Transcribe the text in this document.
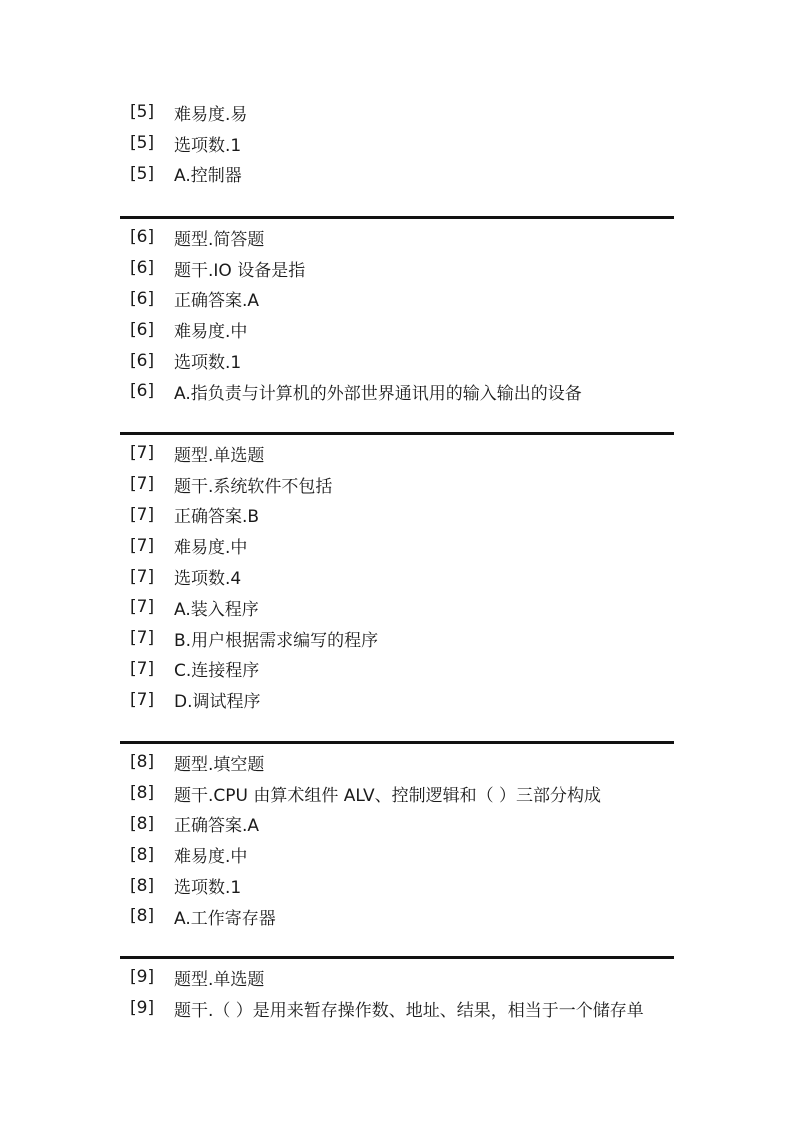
[5]	难易度.易
[5]	选项数.1
[5]	A.控制器
[6]	题型.简答题
[6]	题干.IO 设备是指
[6]	正确答案.A
[6]	难易度.中
[6]	选项数.1
[6]	A.指负责与计算机的外部世界通讯用的输入输出的设备
[7]	题型.单选题
[7]	题干.系统软件不包括
[7]	正确答案.B
[7]	难易度.中
[7]	选项数.4
[7]	A.装入程序
[7]	B.用户根据需求编写的程序
[7]	C.连接程序
[7]	D.调试程序
[8]	题型.填空题
[8]	题干.CPU 由算术组件 ALV、控制逻辑和（ ）三部分构成
[8]	正确答案.A
[8]	难易度.中
[8]	选项数.1
[8]	A.工作寄存器
[9]	题型.单选题
[9]	题干.（ ）是用来暂存操作数、地址、结果，相当于一个储存单
